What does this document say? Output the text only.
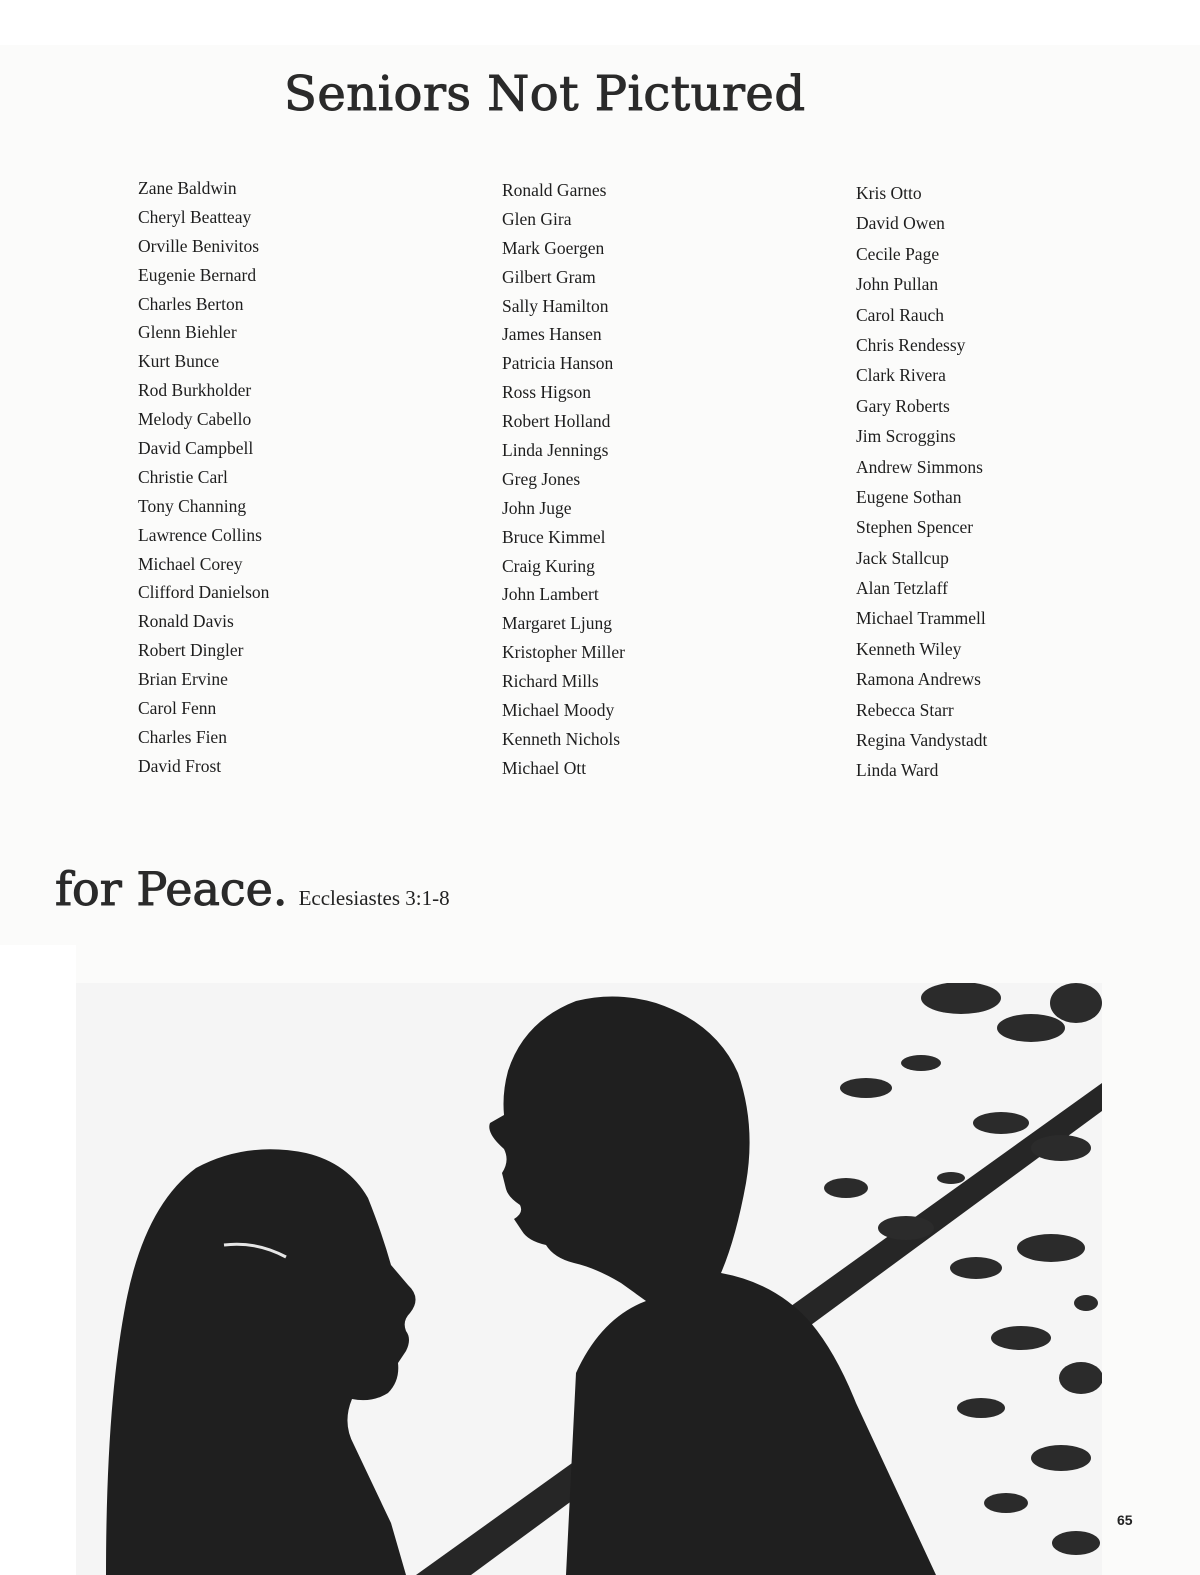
Seniors Not Pictured
Zane Baldwin
Cheryl Beatteay
Orville Benivitos
Eugenie Bernard
Charles Berton
Glenn Biehler
Kurt Bunce
Rod Burkholder
Melody Cabello
David Campbell
Christie Carl
Tony Channing
Lawrence Collins
Michael Corey
Clifford Danielson
Ronald Davis
Robert Dingler
Brian Ervine
Carol Fenn
Charles Fien
David Frost
Ronald Garnes
Glen Gira
Mark Goergen
Gilbert Gram
Sally Hamilton
James Hansen
Patricia Hanson
Ross Higson
Robert Holland
Linda Jennings
Greg Jones
John Juge
Bruce Kimmel
Craig Kuring
John Lambert
Margaret Ljung
Kristopher Miller
Richard Mills
Michael Moody
Kenneth Nichols
Michael Ott
Kris Otto
David Owen
Cecile Page
John Pullan
Carol Rauch
Chris Rendessy
Clark Rivera
Gary Roberts
Jim Scroggins
Andrew Simmons
Eugene Sothan
Stephen Spencer
Jack Stallcup
Alan Tetzlaff
Michael Trammell
Kenneth Wiley
Ramona Andrews
Rebecca Starr
Regina Vandystadt
Linda Ward
for Peace. Ecclesiastes 3:1-8
65
